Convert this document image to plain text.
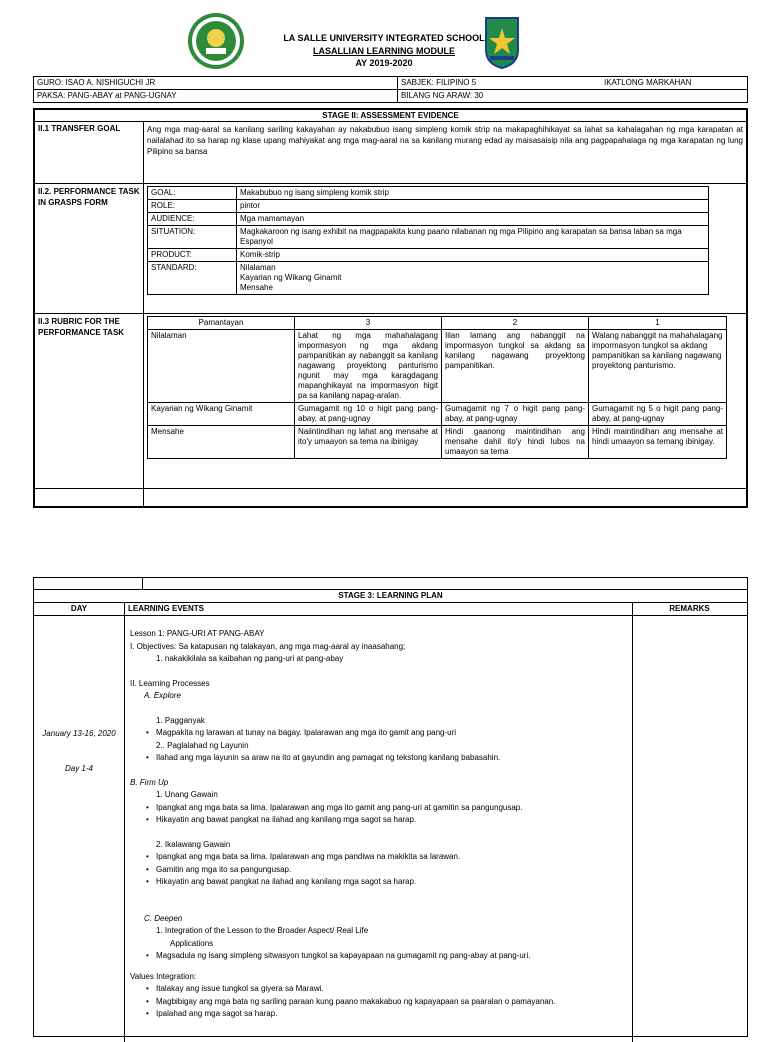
LA SALLE UNIVERSITY INTEGRATED SCHOOL
LASALLIAN LEARNING MODULE
AY 2019-2020
GURO: ISAO A. NISHIGUCHI JR	SABJEK: FILIPINO 5	IKATLONG MARKAHAN
PAKSA: PANG-ABAY at PANG-UGNAY	BILANG NG ARAW: 30
STAGE II: ASSESSMENT EVIDENCE
II.1 TRANSFER GOAL	Ang mga mag-aaral sa kanilang sariling kakayahan ay nakabubuo isang simpleng komik strip na makapaghihikayat sa lahat sa kahalagahan ng mga karapatan at nailalahad ito sa harap ng klase upang mahiyakat ang mga mag-aaral na sa kanilang murang edad ay maisasaisip nila ang pagpapahalaga ng mga karapatan ng lung Pilipino sa bansa
II.2. PERFORMANCE TASK IN GRASPS FORM
GOAL:	Makabubuo ng isang simpleng komik strip
ROLE:	pintor
AUDIENCE:	Mga mamamayan
SITUATION:	Magkakaroon ng isang exhibit na magpapakita kung paano nilabanan ng mga Pilipino ang karapatan sa bansa laban sa mga Espanyol
PRODUCT:	Komik-strip
STANDARD:	Nilalaman
Kayarian ng Wikang Ginamit
Mensahe
II.3 RUBRIC FOR THE PERFORMANCE TASK
Pamantayan	3	2	1
Nilalaman	Lahat ng mga mahahalagang impormasyon ng mga akdang pampanitikan ay nabanggit sa kanilang nagawang proyektong panturismo ngunit may mga karagdagang mapanghikayat na impormasyon higit pa sa kanilang napag-aralan.	Iilan lamang ang nabanggit na impormasyon tungkol sa akdang sa kanilang nagawang proyektong pampanitikan.	Walang nabanggit na mahahalagang impormasyon tungkol sa akdang pampanitikan sa kanilang nagawang proyektong panturismo.
Kayarian ng Wikang Ginamit	Gumagamit ng 10 o higit pang pang-abay, at pang-ugnay	Gumagamit ng 7 o higit pang pang-abay, at pang-ugnay	Gumagamit ng 5 o higit pang pang-abay, at pang-ugnay
Mensahe	Naiintindihan ng lahat ang mensahe at ito'y umaayon sa tema na ibinigay	Hindi gaanong maintindihan ang mensahe dahil ito'y hindi lubos na umaayon sa tema	Hindi maintindihan ang mensahe at hindi umaayon sa temang ibinigay.
STAGE 3: LEARNING PLAN
DAY	LEARNING EVENTS	REMARKS
January 13-16, 2020
Day 1-4
Lesson 1: PANG-URI AT PANG-ABAY
I. Objectives: Sa katapusan ng talakayan, ang mga mag-aaral ay inaasahang;
1. nakakikilala sa kaibahan ng pang-uri at pang-abay
II. Learning Processes
A. Explore
1. Pagganyak
• Magpakita ng larawan at tunay na bagay. Ipalarawan ang mga ito gamit ang pang-uri
2.. Paglalahad ng Layunin
• Ilahad ang mga layunin sa araw na ito at gayundin ang pamagat ng tekstong kanilang babasahin.
B. Firm Up
1. Unang Gawain
• Ipangkat ang mga bata sa lima. Ipalarawan ang mga ito gamit ang pang-uri at gamitin sa pangungusap.
• Hikayatin ang bawat pangkat na ilahad ang kanilang mga sagot sa harap.
2. Ikalawang Gawain
• Ipangkat ang mga bata sa lima. Ipalarawan ang mga pandiwa na makikita sa larawan.
• Gamitin ang mga ito sa pangungusap.
• Hikayatin ang bawat pangkat na ilahad ang kanilang mga sagot sa harap.
C. Deepen
1. Integration of the Lesson to the Broader Aspect/ Real Life
Applications
• Magsadula ng isang simpleng sitwasyon tungkol sa kapayapaan na gumagamit ng pang-abay at pang-uri.
Values Integration:
• Italakay ang issue tungkol sa giyera sa Marawi.
• Magbibigay ang mga bata ng sariling paraan kung paano makakabuo ng kapayapaan sa paaralan o pamayanan.
• Ipalahad ang mga sagot sa harap.
